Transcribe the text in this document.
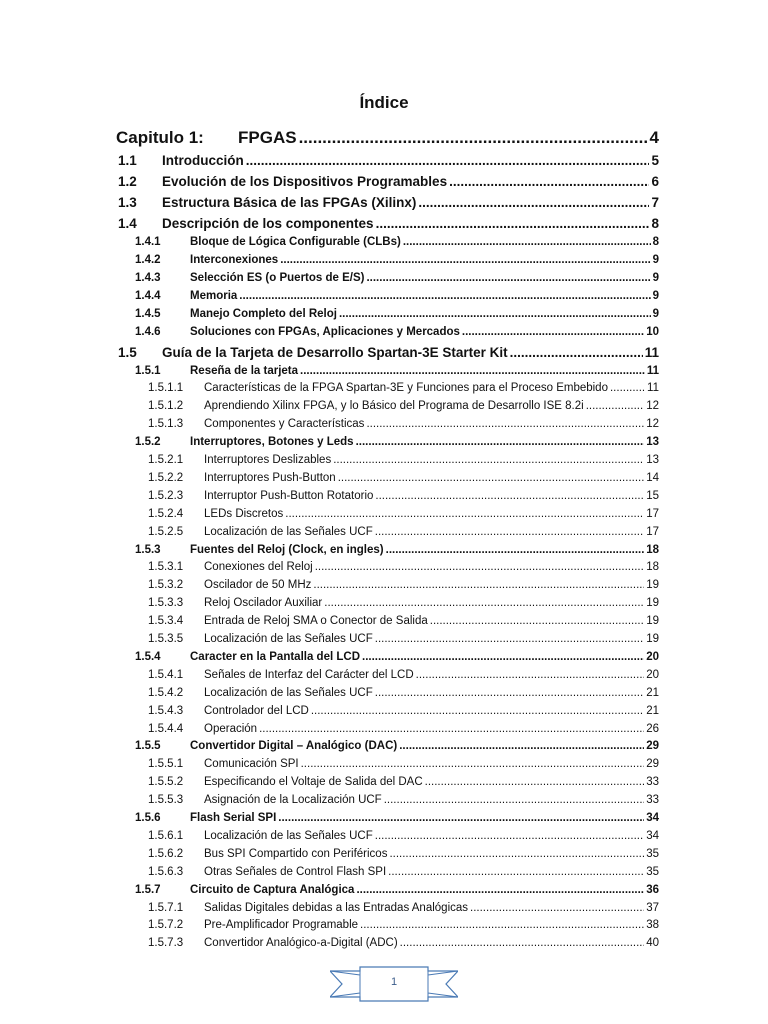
Índice
Capitulo 1:	FPGAS .....	4
1.1	Introducción .....	5
1.2	Evolución de los Dispositivos Programables .....	6
1.3	Estructura Básica de las FPGAs (Xilinx) .....	7
1.4	Descripción de los componentes .....	8
1.4.1	Bloque de Lógica Configurable (CLBs) .....	8
1.4.2	Interconexiones .....	9
1.4.3	Selección ES (o Puertos de E/S) .....	9
1.4.4	Memoria .....	9
1.4.5	Manejo Completo del Reloj .....	9
1.4.6	Soluciones con FPGAs, Aplicaciones y Mercados .....	10
1.5	Guía de la Tarjeta de Desarrollo Spartan-3E Starter Kit .....	11
1.5.1	Reseña de la tarjeta .....	11
1.5.1.1	Características de la FPGA Spartan-3E y Funciones para el Proceso Embebido .....	11
1.5.1.2	Aprendiendo Xilinx FPGA, y lo Básico del Programa de Desarrollo ISE 8.2i .....	12
1.5.1.3	Componentes y Características .....	12
1.5.2	Interruptores, Botones y Leds .....	13
1.5.2.1	Interruptores Deslizables .....	13
1.5.2.2	Interruptores Push-Button .....	14
1.5.2.3	Interruptor Push-Button Rotatorio .....	15
1.5.2.4	LEDs Discretos .....	17
1.5.2.5	Localización de las Señales UCF .....	17
1.5.3	Fuentes del Reloj (Clock, en ingles) .....	18
1.5.3.1	Conexiones del Reloj .....	18
1.5.3.2	Oscilador de 50 MHz .....	19
1.5.3.3	Reloj Oscilador Auxiliar .....	19
1.5.3.4	Entrada de Reloj SMA o Conector de Salida .....	19
1.5.3.5	Localización de las Señales UCF .....	19
1.5.4	Caracter en la Pantalla del LCD .....	20
1.5.4.1	Señales de Interfaz del Carácter del LCD .....	20
1.5.4.2	Localización de las Señales UCF .....	21
1.5.4.3	Controlador del LCD .....	21
1.5.4.4	Operación .....	26
1.5.5	Convertidor Digital – Analógico (DAC) .....	29
1.5.5.1	Comunicación SPI .....	29
1.5.5.2	Especificando el Voltaje de Salida del DAC .....	33
1.5.5.3	Asignación de la Localización UCF .....	33
1.5.6	Flash Serial SPI .....	34
1.5.6.1	Localización de las Señales UCF .....	34
1.5.6.2	Bus SPI Compartido con Periféricos .....	35
1.5.6.3	Otras Señales de Control Flash SPI .....	35
1.5.7	Circuito de Captura Analógica .....	36
1.5.7.1	Salidas Digitales debidas a las Entradas Analógicas .....	37
1.5.7.2	Pre-Amplificador Programable .....	38
1.5.7.3	Convertidor Analógico-a-Digital (ADC) .....	40
1
